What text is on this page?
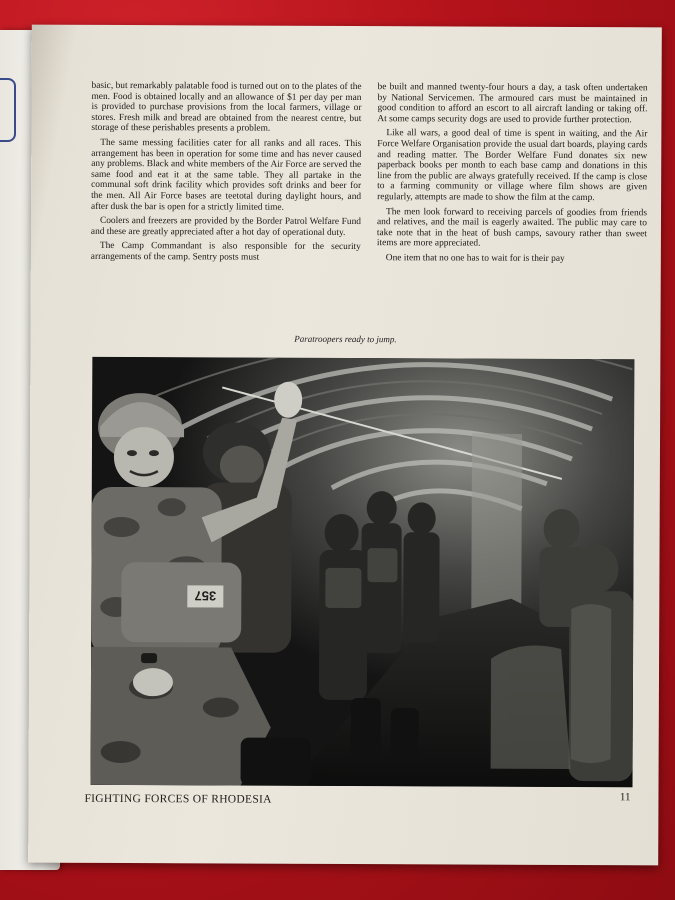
basic, but remarkably palatable food is turned out on to the plates of the men. Food is obtained locally and an allowance of $1 per day per man is provided to purchase provisions from the local farmers, village or stores. Fresh milk and bread are obtained from the nearest centre, but storage of these perishables presents a problem.

The same messing facilities cater for all ranks and all races. This arrangement has been in operation for some time and has never caused any problems. Black and white members of the Air Force are served the same food and eat it at the same table. They all partake in the communal soft drink facility which provides soft drinks and beer for the men. All Air Force bases are teetotal during daylight hours, and after dusk the bar is open for a strictly limited time.

Coolers and freezers are provided by the Border Patrol Welfare Fund and these are greatly appreciated after a hot day of operational duty.

The Camp Commandant is also responsible for the security arrangements of the camp. Sentry posts must

be built and manned twenty-four hours a day, a task often undertaken by National Servicemen. The armoured cars must be maintained in good condition to afford an escort to all aircraft landing or taking off. At some camps security dogs are used to provide further protection.

Like all wars, a good deal of time is spent in waiting, and the Air Force Welfare Organisation provide the usual dart boards, playing cards and reading matter. The Border Welfare Fund donates six new paperback books per month to each base camp and donations in this line from the public are always gratefully received. If the camp is close to a farming community or village where film shows are given regularly, attempts are made to show the film at the camp.

The men look forward to receiving parcels of goodies from friends and relatives, and the mail is eagerly awaited. The public may care to take note that in the heat of bush camps, savoury rather than sweet items are more appreciated.

One item that no one has to wait for is their pay

Paratroopers ready to jump.
357
FIGHTING FORCES OF RHODESIA	11
